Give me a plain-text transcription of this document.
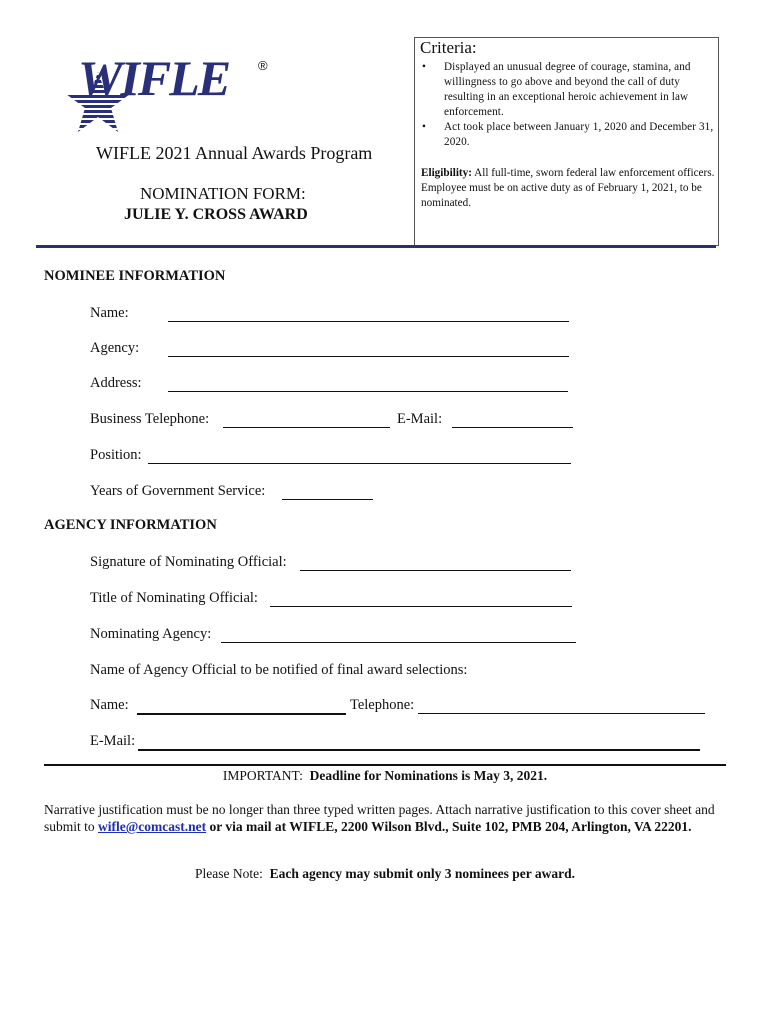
WIFLE ®
WIFLE 2021 Annual Awards Program
NOMINATION FORM:
JULIE Y. CROSS AWARD
Criteria:
• Displayed an unusual degree of courage, stamina, and willingness to go above and beyond the call of duty resulting in an exceptional heroic achievement in law enforcement.
• Act took place between January 1, 2020 and December 31, 2020.
Eligibility: All full-time, sworn federal law enforcement officers. Employee must be on active duty as of February 1, 2021, to be nominated.
NOMINEE INFORMATION
Name:
Agency:
Address:
Business Telephone:	E-Mail:
Position:
Years of Government Service:
AGENCY INFORMATION
Signature of Nominating Official:
Title of Nominating Official:
Nominating Agency:
Name of Agency Official to be notified of final award selections:
Name:	Telephone:
E-Mail:
IMPORTANT: Deadline for Nominations is May 3, 2021.
Narrative justification must be no longer than three typed written pages. Attach narrative justification to this cover sheet and submit to wifle@comcast.net or via mail at WIFLE, 2200 Wilson Blvd., Suite 102, PMB 204, Arlington, VA 22201.
Please Note: Each agency may submit only 3 nominees per award.
